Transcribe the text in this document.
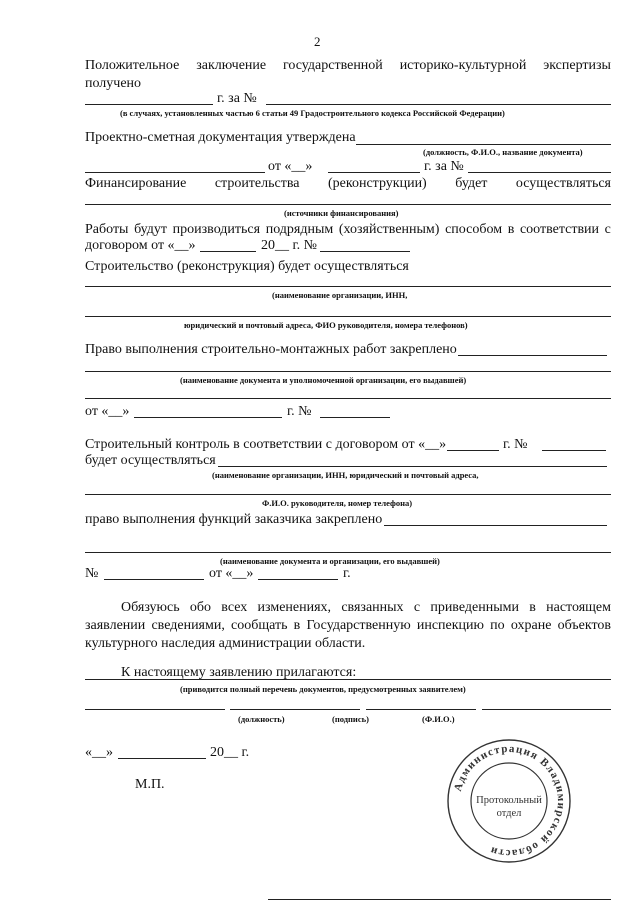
2
Положительное заключение государственной историко-культурной экспертизы
получено
г. за №
(в случаях, установленных частью 6 статьи 49 Градостроительного кодекса Российской Федерации)
Проектно-сметная документация утверждена
(должность, Ф.И.О., название документа)
от «__»	г. за №
Финансирование строительства (реконструкции) будет осуществляться
(источники финансирования)
Работы будут производиться подрядным (хозяйственным) способом в соответствии с
договором от «__»	20__ г. №
Строительство (реконструкция) будет осуществляться
(наименование организации, ИНН,
юридический и почтовый адреса, ФИО руководителя, номера телефонов)
Право выполнения строительно-монтажных работ закреплено
(наименование документа и уполномоченной организации, его выдавшей)
от «__»	г. №
Строительный контроль в соответствии с договором от «__»	г. №
будет осуществляться
(наименование организации, ИНН, юридический и почтовый адреса,
Ф.И.О. руководителя, номер телефона)
право выполнения функций заказчика закреплено
(наименование документа и организации, его выдавшей)
№	от «__»	г.
Обязуюсь обо всех изменениях, связанных с приведенными в настоящем заявлении сведениями, сообщать в Государственную инспекцию по охране объектов культурного наследия администрации области.
К настоящему заявлению прилагаются:
(приводится полный перечень документов, предусмотренных заявителем)
(должность)	(подпись)	(Ф.И.О.)
«__»	20__ г.
М.П.	Администрация Владимирской области
Протокольный
отдел
